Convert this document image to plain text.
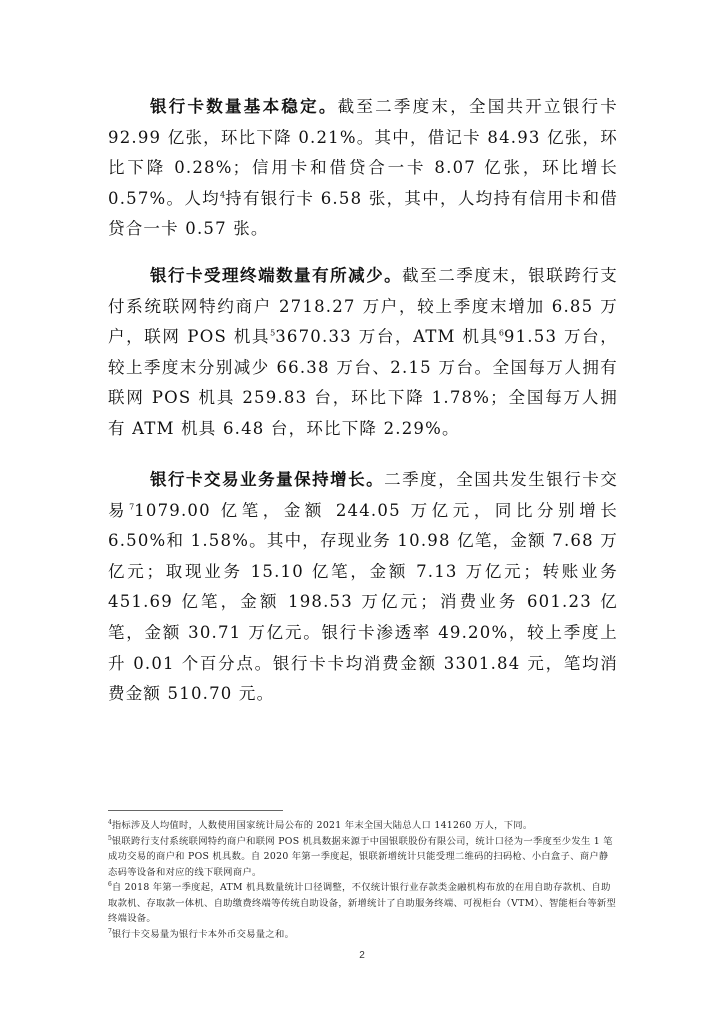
银行卡数量基本稳定。截至二季度末，全国共开立银行卡 92.99 亿张，环比下降 0.21%。其中，借记卡 84.93 亿张，环比下降 0.28%；信用卡和借贷合一卡 8.07 亿张，环比增长 0.57%。人均$^4$持有银行卡 6.58 张，其中，人均持有信用卡和借贷合一卡 0.57 张。

银行卡受理终端数量有所减少。截至二季度末，银联跨行支付系统联网特约商户 2718.27 万户，较上季度末增加 6.85 万户，联网 POS 机具$^5$3670.33 万台，ATM 机具$^6$91.53 万台，较上季度末分别减少 66.38 万台、2.15 万台。全国每万人拥有联网 POS 机具 259.83 台，环比下降 1.78%；全国每万人拥有 ATM 机具 6.48 台，环比下降 2.29%。

银行卡交易业务量保持增长。二季度，全国共发生银行卡交易$^7$1079.00 亿笔，金额 244.05 万亿元，同比分别增长 6.50%和 1.58%。其中，存现业务 10.98 亿笔，金额 7.68 万亿元；取现业务 15.10 亿笔，金额 7.13 万亿元；转账业务 451.69 亿笔，金额 198.53 万亿元；消费业务 601.23 亿笔，金额 30.71 万亿元。银行卡渗透率 49.20%，较上季度上升 0.01 个百分点。银行卡卡均消费金额 3301.84 元，笔均消费金额 510.70 元。

$^4$指标涉及人均值时，人数使用国家统计局公布的 2021 年末全国大陆总人口 141260 万人，下同。

$^5$银联跨行支付系统联网特约商户和联网 POS 机具数据来源于中国银联股份有限公司，统计口径为一季度至少发生 1 笔成功交易的商户和 POS 机具数。自 2020 年第一季度起，银联新增统计只能受理二维码的扫码枪、小白盒子、商户静态码等设备和对应的线下联网商户。

$^6$自 2018 年第一季度起，ATM 机具数量统计口径调整，不仅统计银行业存款类金融机构布放的在用自助存款机、自助取款机、存取款一体机、自助缴费终端等传统自助设备，新增统计了自助服务终端、可视柜台（VTM）、智能柜台等新型终端设备。

$^7$银行卡交易量为银行卡本外币交易量之和。

2
